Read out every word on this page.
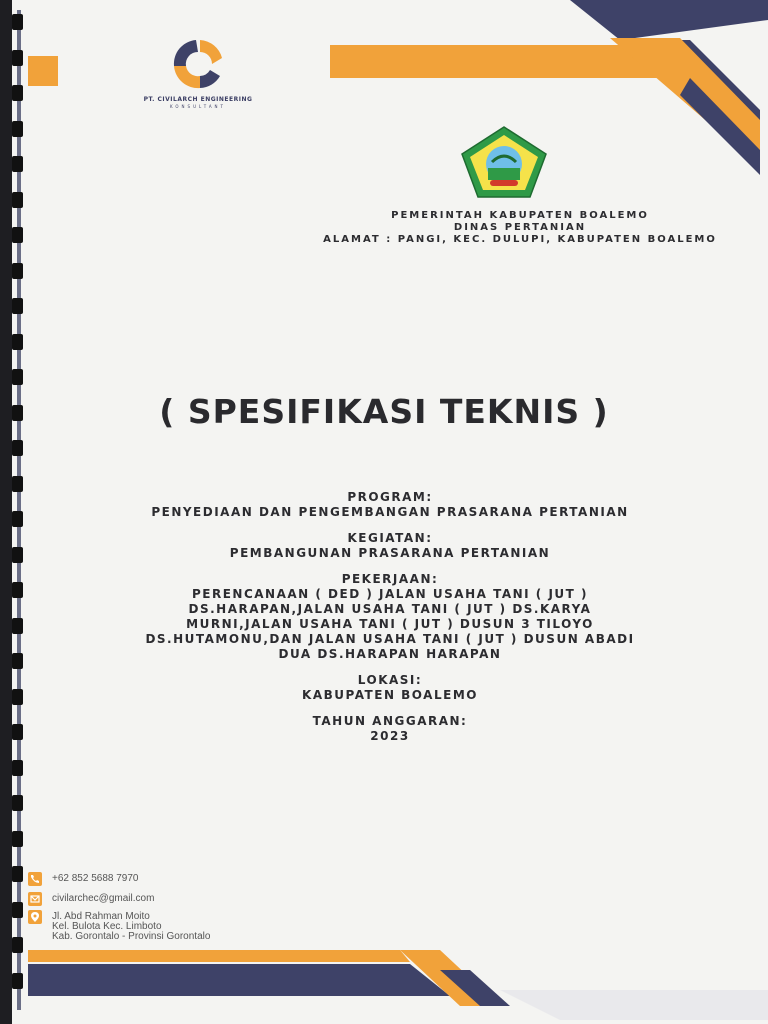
PT. CIVILARCH ENGINEERING
KONSULTANT
PEMERINTAH KABUPATEN BOALEMO
DINAS PERTANIAN
ALAMAT : PANGI, KEC. DULUPI, KABUPATEN BOALEMO
( SPESIFIKASI TEKNIS )
PROGRAM:
PENYEDIAAN DAN PENGEMBANGAN PRASARANA PERTANIAN
KEGIATAN:
PEMBANGUNAN PRASARANA PERTANIAN
PEKERJAAN:
PERENCANAAN ( DED ) JALAN USAHA TANI ( JUT )
DS.HARAPAN,JALAN USAHA TANI ( JUT ) DS.KARYA
MURNI,JALAN USAHA TANI ( JUT ) DUSUN 3 TILOYO
DS.HUTAMONU,DAN JALAN USAHA TANI ( JUT ) DUSUN ABADI
DUA DS.HARAPAN HARAPAN
LOKASI:
KABUPATEN BOALEMO
TAHUN ANGGARAN:
2023
+62 852 5688 7970
civilarchec@gmail.com
Jl. Abd Rahman Moito
Kel. Bulota Kec. Limboto
Kab. Gorontalo - Provinsi Gorontalo
